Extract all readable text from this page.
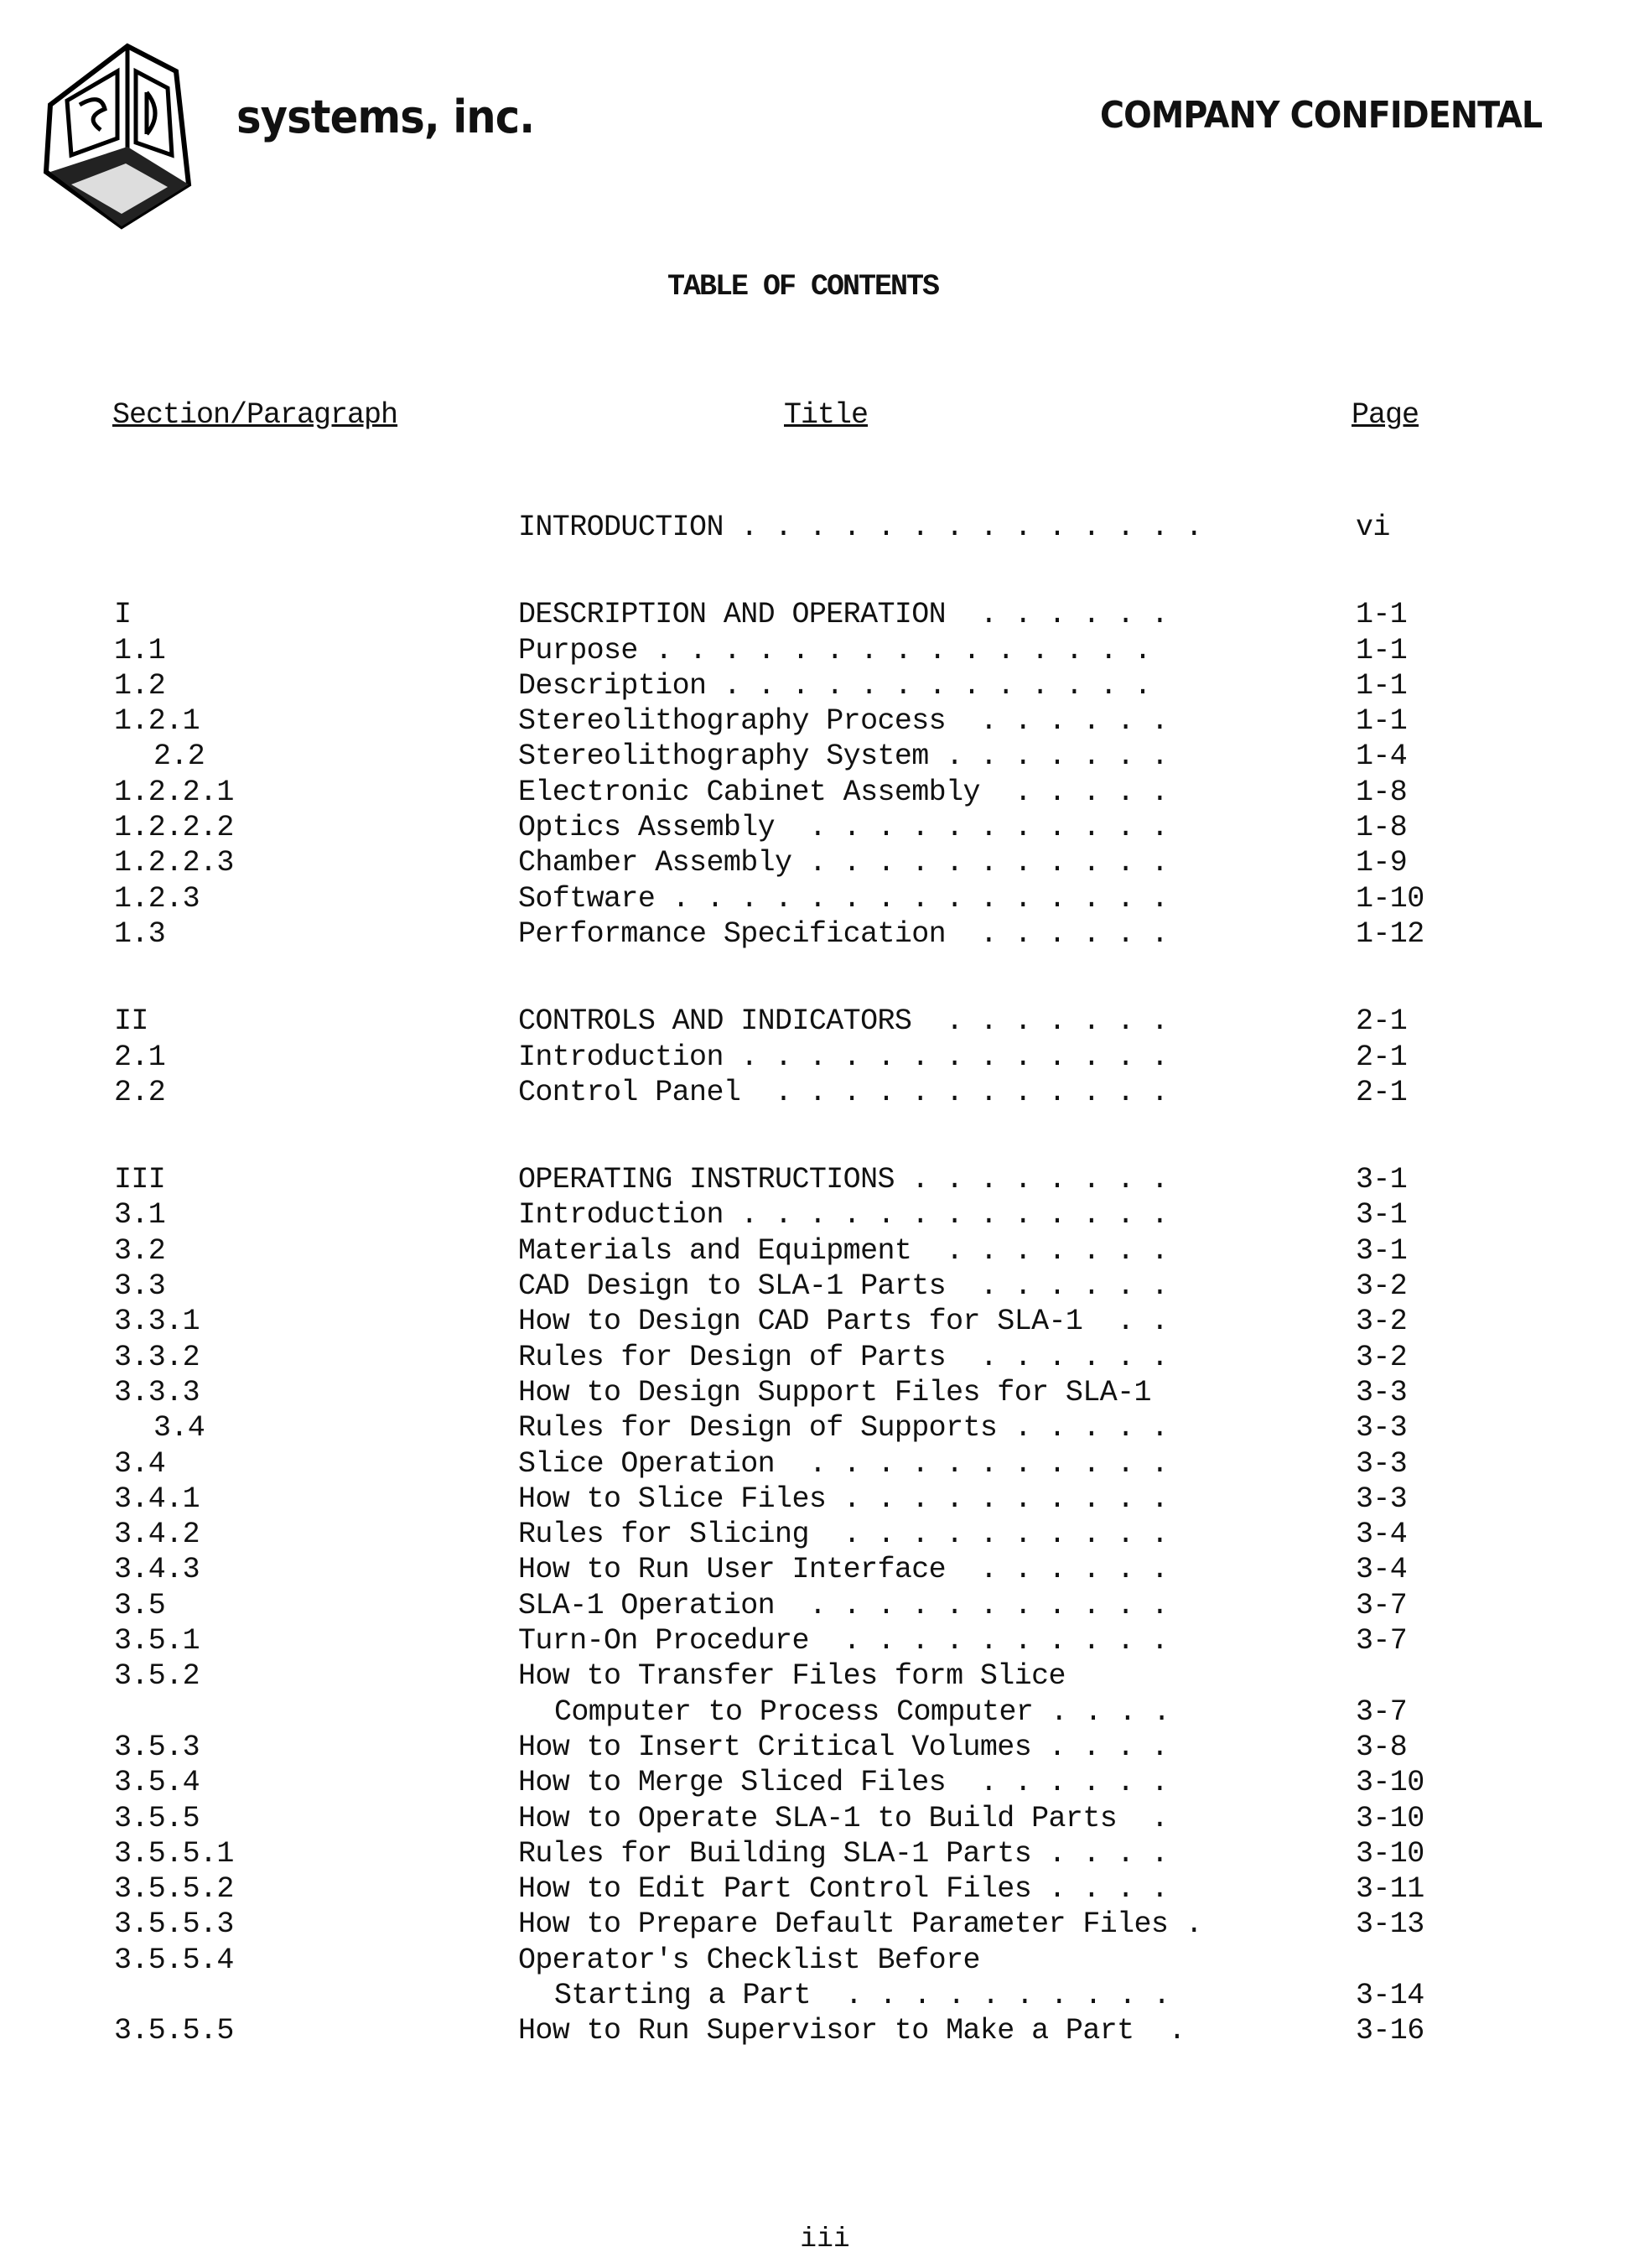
systems, inc.	COMPANY CONFIDENTAL
TABLE OF CONTENTS
Section/Paragraph	Title	Page
INTRODUCTION . . . . . . . . . . . . . .	vi
I	DESCRIPTION AND OPERATION  . . . . . .	1-1
1.1	Purpose . . . . . . . . . . . . . . .	1-1
1.2	Description . . . . . . . . . . . . .	1-1
1.2.1	Stereolithography Process  . . . . . .	1-1
2.2	Stereolithography System . . . . . . .	1-4
1.2.2.1	Electronic Cabinet Assembly  . . . . .	1-8
1.2.2.2	Optics Assembly  . . . . . . . . . . .	1-8
1.2.2.3	Chamber Assembly . . . . . . . . . . .	1-9
1.2.3	Software . . . . . . . . . . . . . . .	1-10
1.3	Performance Specification  . . . . . .	1-12
II	CONTROLS AND INDICATORS  . . . . . . .	2-1
2.1	Introduction . . . . . . . . . . . . .	2-1
2.2	Control Panel  . . . . . . . . . . . .	2-1
III	OPERATING INSTRUCTIONS . . . . . . . .	3-1
3.1	Introduction . . . . . . . . . . . . .	3-1
3.2	Materials and Equipment  . . . . . . .	3-1
3.3	CAD Design to SLA-1 Parts  . . . . . .	3-2
3.3.1	How to Design CAD Parts for SLA-1  . .	3-2
3.3.2	Rules for Design of Parts  . . . . . .	3-2
3.3.3	How to Design Support Files for SLA-1	3-3
3.4	Rules for Design of Supports . . . . .	3-3
3.4	Slice Operation  . . . . . . . . . . .	3-3
3.4.1	How to Slice Files . . . . . . . . . .	3-3
3.4.2	Rules for Slicing  . . . . . . . . . .	3-4
3.4.3	How to Run User Interface  . . . . . .	3-4
3.5	SLA-1 Operation  . . . . . . . . . . .	3-7
3.5.1	Turn-On Procedure  . . . . . . . . . .	3-7
3.5.2	How to Transfer Files form Slice
Computer to Process Computer . . . .	3-7
3.5.3	How to Insert Critical Volumes . . . .	3-8
3.5.4	How to Merge Sliced Files  . . . . . .	3-10
3.5.5	How to Operate SLA-1 to Build Parts  .	3-10
3.5.5.1	Rules for Building SLA-1 Parts . . . .	3-10
3.5.5.2	How to Edit Part Control Files . . . .	3-11
3.5.5.3	How to Prepare Default Parameter Files .	3-13
3.5.5.4	Operator's Checklist Before
Starting a Part  . . . . . . . . . .	3-14
3.5.5.5	How to Run Supervisor to Make a Part  .	3-16
iii
